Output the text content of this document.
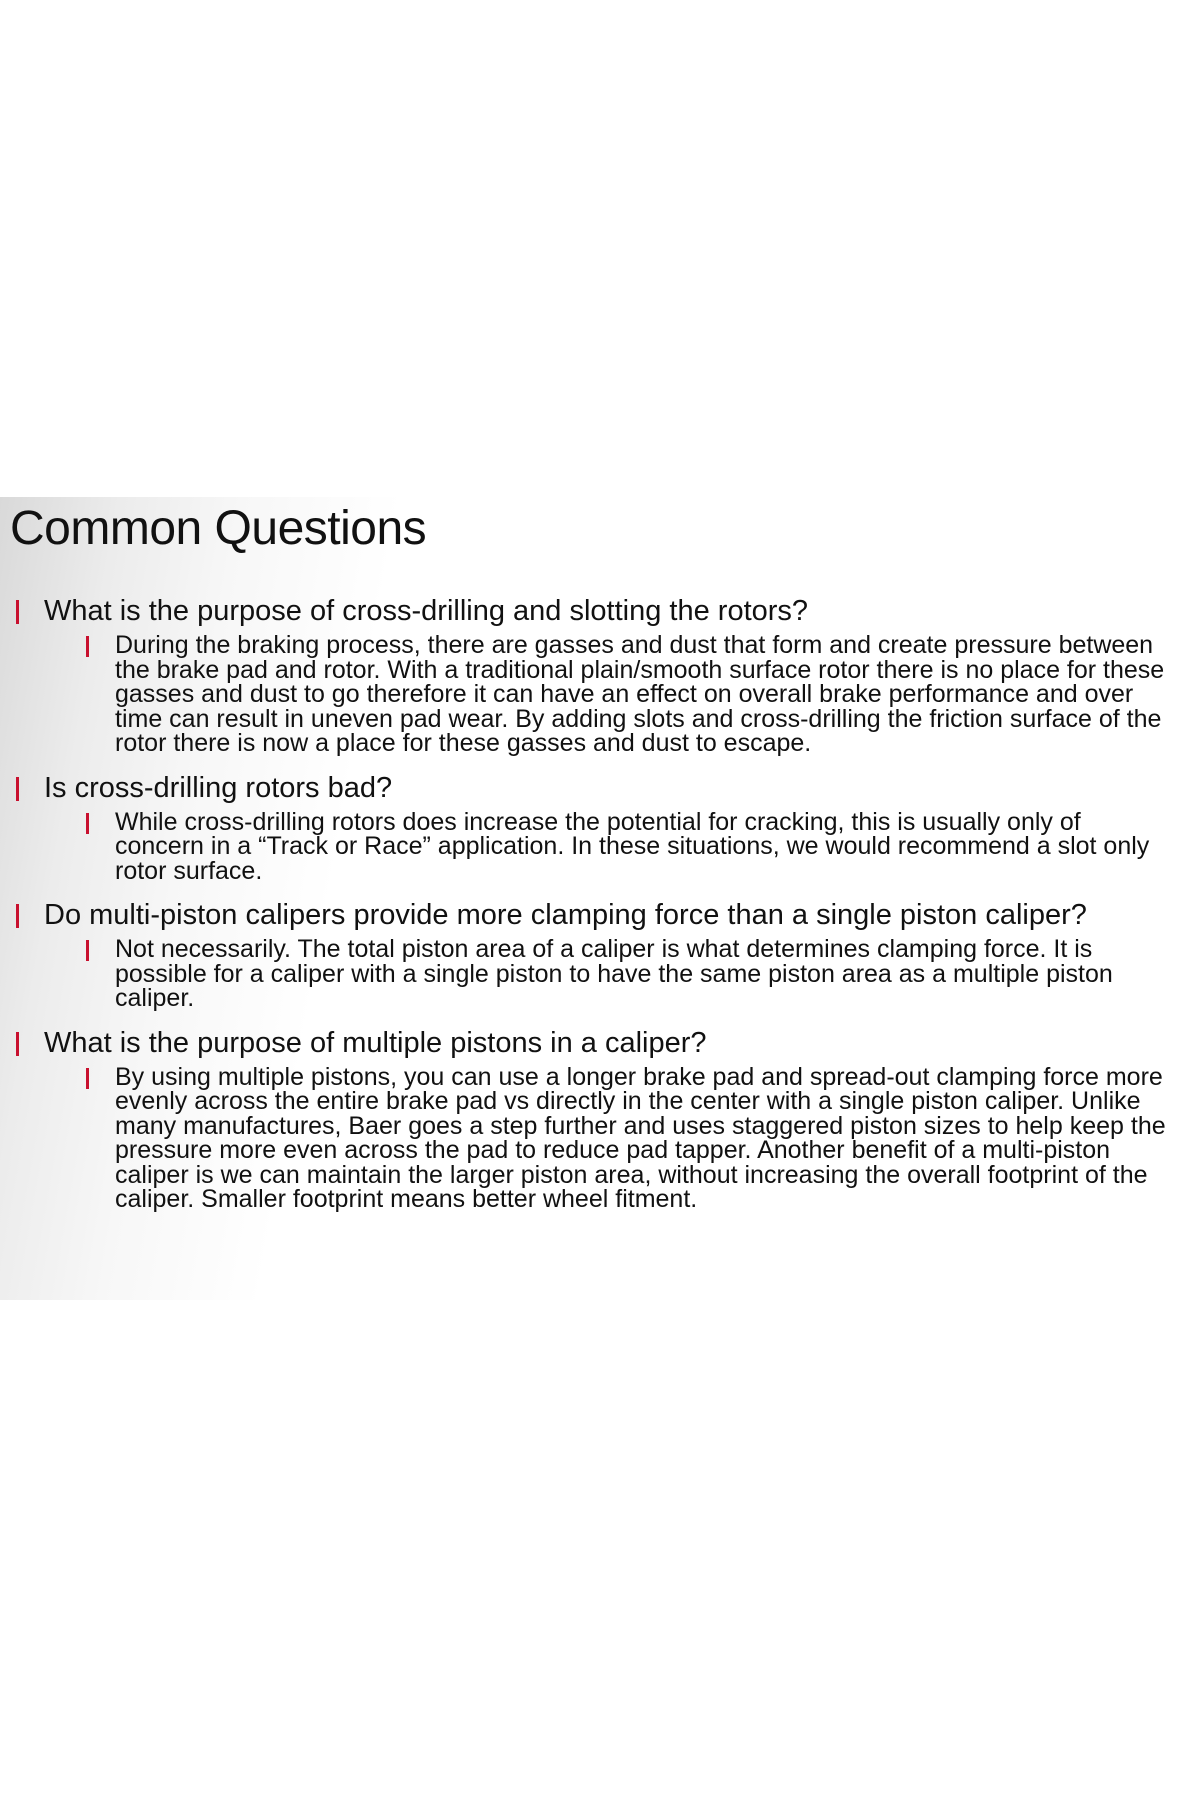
Common Questions
What is the purpose of cross-drilling and slotting the rotors?
During the braking process, there are gasses and dust that form and create pressure between the brake pad and rotor. With a traditional plain/smooth surface rotor there is no place for these gasses and dust to go therefore it can have an effect on overall brake performance and over time can result in uneven pad wear. By adding slots and cross-drilling the friction surface of the rotor there is now a place for these gasses and dust to escape.
Is cross-drilling rotors bad?
While cross-drilling rotors does increase the potential for cracking, this is usually only of concern in a “Track or Race” application. In these situations, we would recommend a slot only rotor surface.
Do multi-piston calipers provide more clamping force than a single piston caliper?
Not necessarily. The total piston area of a caliper is what determines clamping force. It is possible for a caliper with a single piston to have the same piston area as a multiple piston caliper.
What is the purpose of multiple pistons in a caliper?
By using multiple pistons, you can use a longer brake pad and spread-out clamping force more evenly across the entire brake pad vs directly in the center with a single piston caliper. Unlike many manufactures, Baer goes a step further and uses staggered piston sizes to help keep the pressure more even across the pad to reduce pad tapper. Another benefit of a multi-piston caliper is we can maintain the larger piston area, without increasing the overall footprint of the caliper. Smaller footprint means better wheel fitment.
